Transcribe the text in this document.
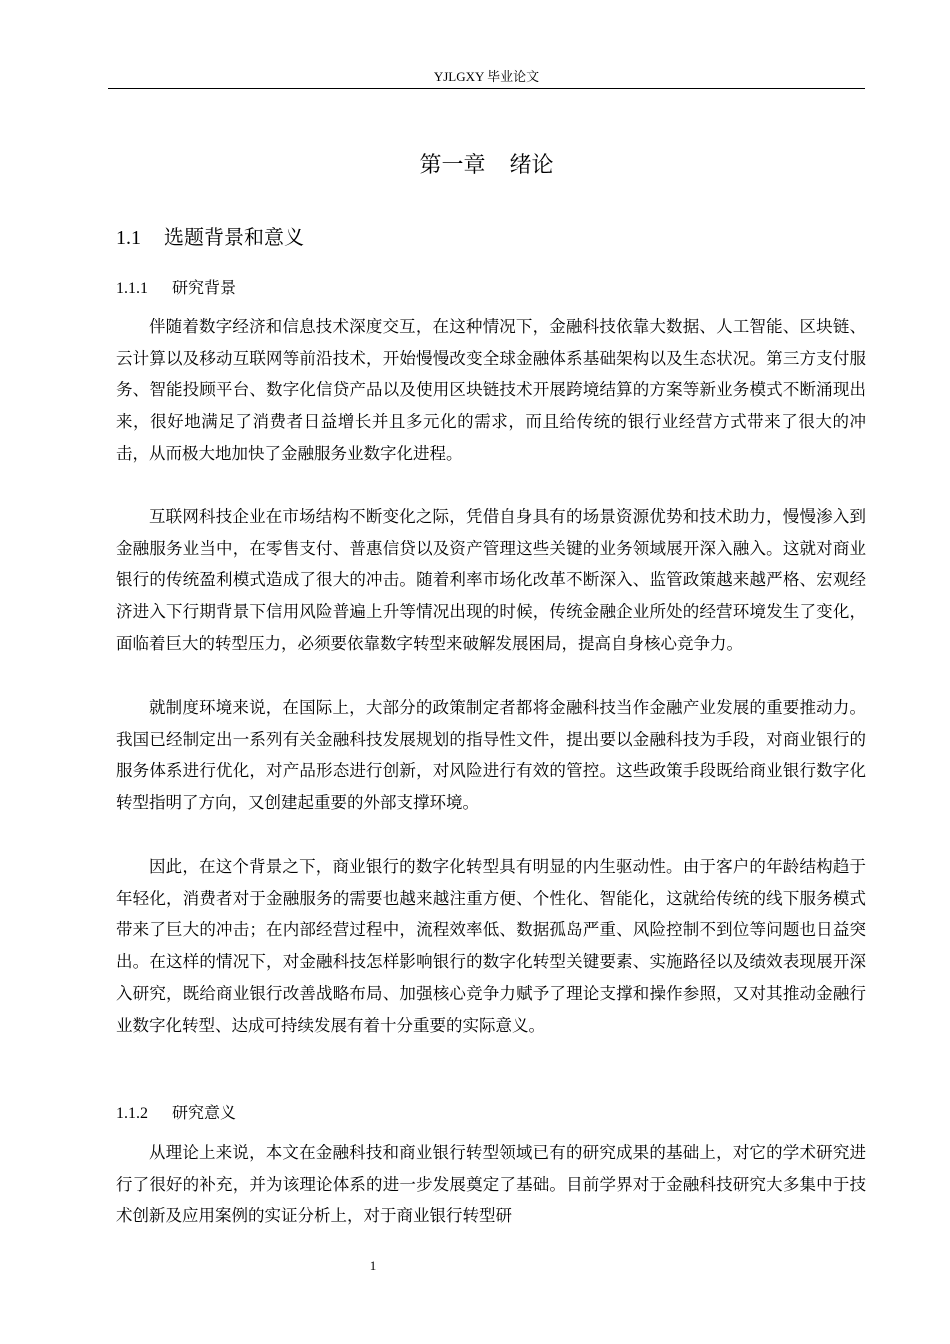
YJLGXY 毕业论文
第一章 绪论
1.1 选题背景和意义
1.1.1 研究背景

伴随着数字经济和信息技术深度交互，在这种情况下，金融科技依靠大数据、人工智能、区块链、云计算以及移动互联网等前沿技术，开始慢慢改变全球金融体系基础架构以及生态状况。第三方支付服务、智能投顾平台、数字化信贷产品以及使用区块链技术开展跨境结算的方案等新业务模式不断涌现出来，很好地满足了消费者日益增长并且多元化的需求，而且给传统的银行业经营方式带来了很大的冲击，从而极大地加快了金融服务业数字化进程。

互联网科技企业在市场结构不断变化之际，凭借自身具有的场景资源优势和技术助力，慢慢渗入到金融服务业当中，在零售支付、普惠信贷以及资产管理这些关键的业务领域展开深入融入。这就对商业银行的传统盈利模式造成了很大的冲击。随着利率市场化改革不断深入、监管政策越来越严格、宏观经济进入下行期背景下信用风险普遍上升等情况出现的时候，传统金融企业所处的经营环境发生了变化，面临着巨大的转型压力，必须要依靠数字转型来破解发展困局，提高自身核心竞争力。

就制度环境来说，在国际上，大部分的政策制定者都将金融科技当作金融产业发展的重要推动力。我国已经制定出一系列有关金融科技发展规划的指导性文件，提出要以金融科技为手段，对商业银行的服务体系进行优化，对产品形态进行创新，对风险进行有效的管控。这些政策手段既给商业银行数字化转型指明了方向，又创建起重要的外部支撑环境。

因此，在这个背景之下，商业银行的数字化转型具有明显的内生驱动性。由于客户的年龄结构趋于年轻化，消费者对于金融服务的需要也越来越注重方便、个性化、智能化，这就给传统的线下服务模式带来了巨大的冲击；在内部经营过程中，流程效率低、数据孤岛严重、风险控制不到位等问题也日益突出。在这样的情况下，对金融科技怎样影响银行的数字化转型关键要素、实施路径以及绩效表现展开深入研究，既给商业银行改善战略布局、加强核心竞争力赋予了理论支撑和操作参照，又对其推动金融行业数字化转型、达成可持续发展有着十分重要的实际意义。

1.1.2 研究意义

从理论上来说，本文在金融科技和商业银行转型领域已有的研究成果的基础上，对它的学术研究进行了很好的补充，并为该理论体系的进一步发展奠定了基础。目前学界对于金融科技研究大多集中于技术创新及应用案例的实证分析上，对于商业银行转型研

1
